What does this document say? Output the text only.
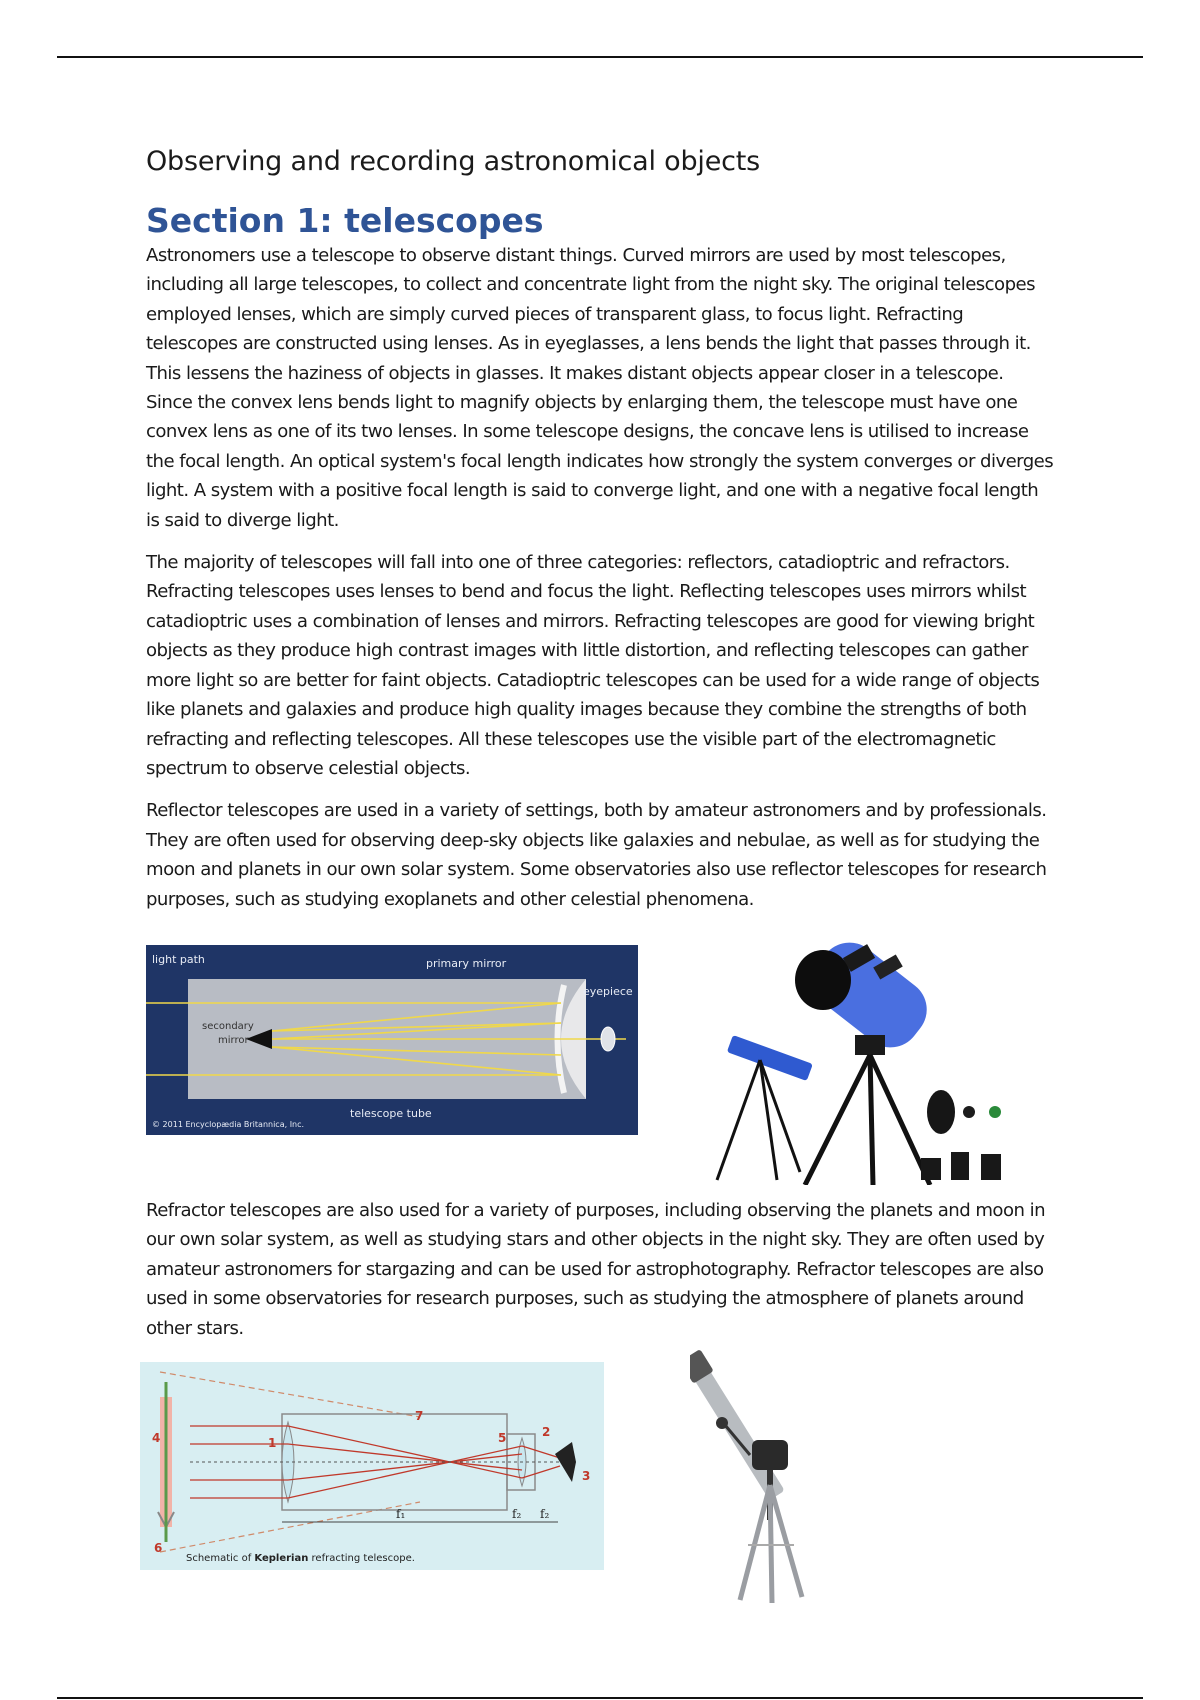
Observing and recording astronomical objects
Section 1: telescopes

Astronomers use a telescope to observe distant things. Curved mirrors are used by most telescopes, including all large telescopes, to collect and concentrate light from the night sky. The original telescopes employed lenses, which are simply curved pieces of transparent glass, to focus light. Refracting telescopes are constructed using lenses. As in eyeglasses, a lens bends the light that passes through it. This lessens the haziness of objects in glasses. It makes distant objects appear closer in a telescope. Since the convex lens bends light to magnify objects by enlarging them, the telescope must have one convex lens as one of its two lenses. In some telescope designs, the concave lens is utilised to increase the focal length. An optical system's focal length indicates how strongly the system converges or diverges light. A system with a positive focal length is said to converge light, and one with a negative focal length is said to diverge light.

The majority of telescopes will fall into one of three categories: reflectors, catadioptric and refractors. Refracting telescopes uses lenses to bend and focus the light. Reflecting telescopes uses mirrors whilst catadioptric uses a combination of lenses and mirrors. Refracting telescopes are good for viewing bright objects as they produce high contrast images with little distortion, and reflecting telescopes can gather more light so are better for faint objects. Catadioptric telescopes can be used for a wide range of objects like planets and galaxies and produce high quality images because they combine the strengths of both refracting and reflecting telescopes. All these telescopes use the visible part of the electromagnetic spectrum to observe celestial objects.

Reflector telescopes are used in a variety of settings, both by amateur astronomers and by professionals. They are often used for observing deep-sky objects like galaxies and nebulae, as well as for studying the moon and planets in our own solar system. Some observatories also use reflector telescopes for research purposes, such as studying exoplanets and other celestial phenomena.

light path	primary mirror
eyepiece
telescope tube
© 2011 Encyclopædia Britannica, Inc.
secondary
mirror

Refractor telescopes are also used for a variety of purposes, including observing the planets and moon in our own solar system, as well as studying stars and other objects in the night sky. They are often used by amateur astronomers for stargazing and can be used for astrophotography. Refractor telescopes are also used in some observatories for research purposes, such as studying the atmosphere of planets around other stars.

4	1	5	2
3
7
6
f₁	f₂ f₂
Schematic of Keplerian refracting telescope.
